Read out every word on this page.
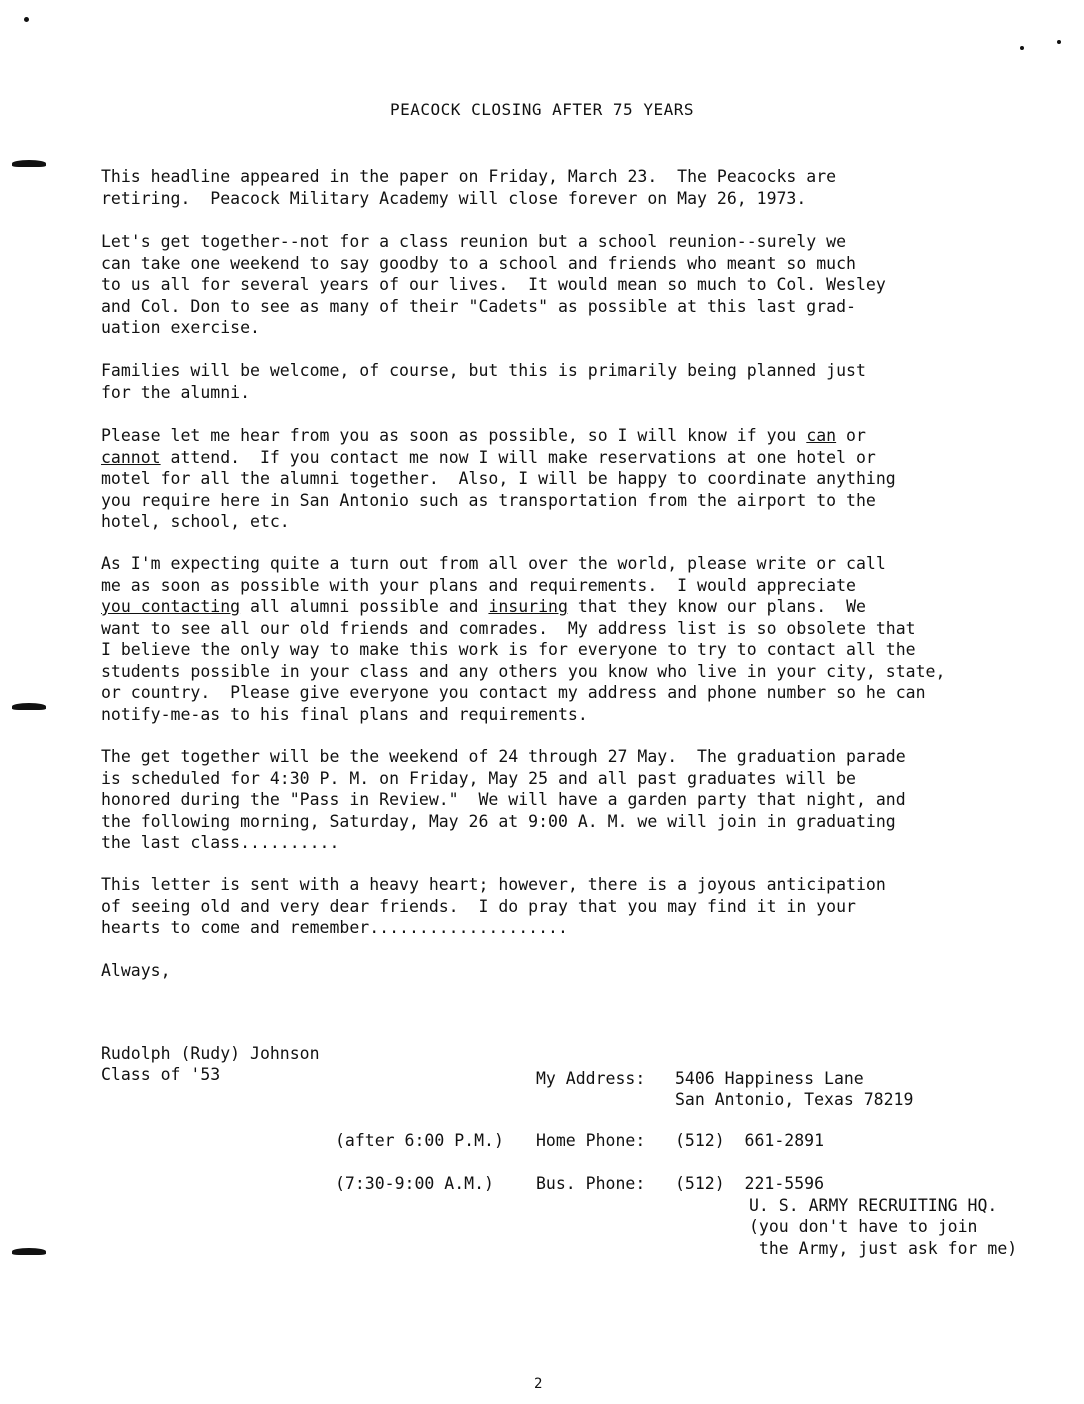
PEACOCK CLOSING AFTER 75 YEARS
This headline appeared in the paper on Friday, March 23.  The Peacocks are
retiring.  Peacock Military Academy will close forever on May 26, 1973.
Let's get together--not for a class reunion but a school reunion--surely we
can take one weekend to say goodby to a school and friends who meant so much
to us all for several years of our lives.  It would mean so much to Col. Wesley
and Col. Don to see as many of their "Cadets" as possible at this last grad-
uation exercise.
Families will be welcome, of course, but this is primarily being planned just
for the alumni.
Please let me hear from you as soon as possible, so I will know if you can or
cannot attend.  If you contact me now I will make reservations at one hotel or
motel for all the alumni together.  Also, I will be happy to coordinate anything
you require here in San Antonio such as transportation from the airport to the
hotel, school, etc.
As I'm expecting quite a turn out from all over the world, please write or call
me as soon as possible with your plans and requirements.  I would appreciate
you contacting all alumni possible and insuring that they know our plans.  We
want to see all our old friends and comrades.  My address list is so obsolete that
I believe the only way to make this work is for everyone to try to contact all the
students possible in your class and any others you know who live in your city, state,
or country.  Please give everyone you contact my address and phone number so he can
notify-me-as to his final plans and requirements.
The get together will be the weekend of 24 through 27 May.  The graduation parade
is scheduled for 4:30 P. M. on Friday, May 25 and all past graduates will be
honored during the "Pass in Review."  We will have a garden party that night, and
the following morning, Saturday, May 26 at 9:00 A. M. we will join in graduating
the last class..........
This letter is sent with a heavy heart; however, there is a joyous anticipation
of seeing old and very dear friends.  I do pray that you may find it in your
hearts to come and remember....................
Always,
Rudolph (Rudy) Johnson
Class of '53	My Address: 5406 Happiness Lane
San Antonio, Texas 78219
(after 6:00 P.M.) Home Phone: (512)  661-2891
(7:30-9:00 A.M.)	Bus. Phone: (512)  221-5596
U. S. ARMY RECRUITING HQ.
(you don't have to join
the Army, just ask for me)
2
